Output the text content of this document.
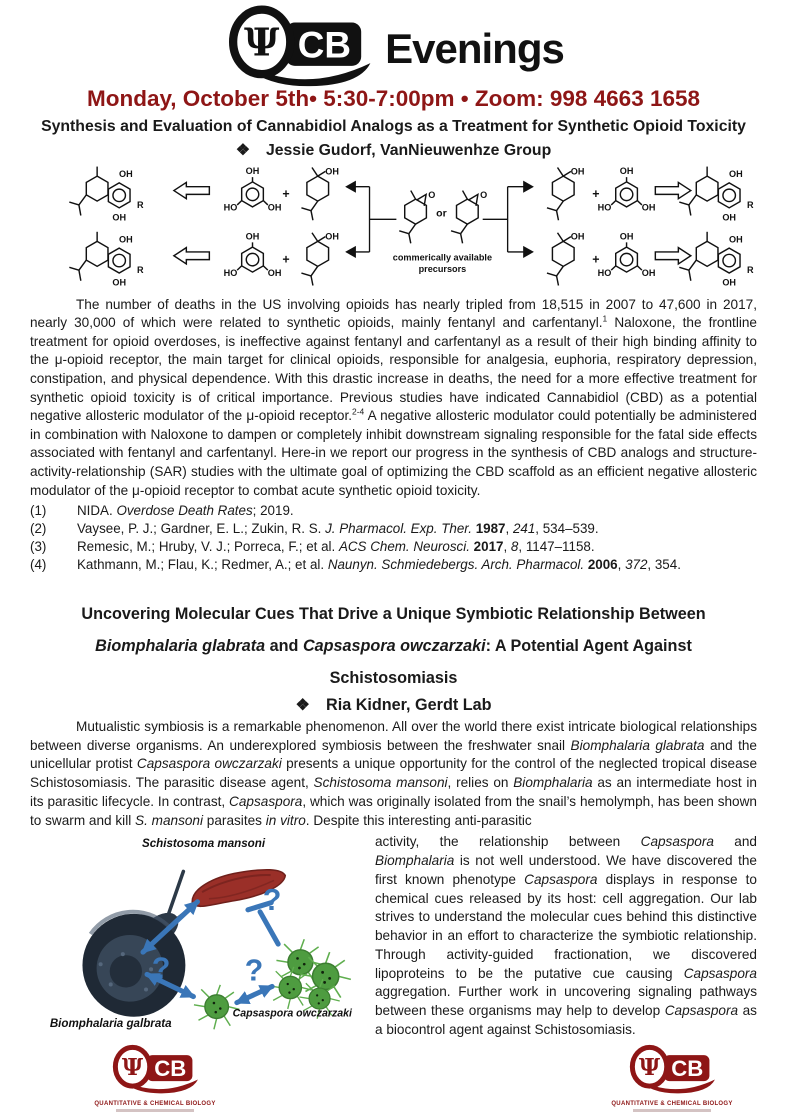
Evenings
Monday, October 5th• 5:30-7:00pm • Zoom: 998 4663 1658
Synthesis and Evaluation of Cannabidiol Analogs as a Treatment for Synthetic Opioid Toxicity
❖ Jessie Gudorf, VanNieuwenhze Group
OH
R
OH
+
+
or
commerically available
precursors
+
+

The number of deaths in the US involving opioids has nearly tripled from 18,515 in 2007 to 47,600 in 2017, nearly 30,000 of which were related to synthetic opioids, mainly fentanyl and carfentanyl.$^1$ Naloxone, the frontline treatment for opioid overdoses, is ineffective against fentanyl and carfentanyl as a result of their high binding affinity to the μ-opioid receptor, the main target for clinical opioids, responsible for analgesia, euphoria, respiratory depression, constipation, and physical dependence. With this drastic increase in deaths, the need for a more effective treatment for synthetic opioid toxicity is of critical importance. Previous studies have indicated Cannabidiol (CBD) as a potential negative allosteric modulator of the μ-opioid receptor.$^{2-4}$ A negative allosteric modulator could potentially be administered in combination with Naloxone to dampen or completely inhibit downstream signaling responsible for the fatal side effects associated with fentanyl and carfentanyl. Here-in we report our progress in the synthesis of CBD analogs and structure-activity-relationship (SAR) studies with the ultimate goal of optimizing the CBD scaffold as an efficient negative allosteric modulator of the μ-opioid receptor to combat acute synthetic opioid toxicity.

(1)	NIDA. Overdose Death Rates; 2019.
(2)	Vaysee, P. J.; Gardner, E. L.; Zukin, R. S. J. Pharmacol. Exp. Ther. 1987, 241, 534–539.
(3)	Remesic, M.; Hruby, V. J.; Porreca, F.; et al. ACS Chem. Neurosci. 2017, 8, 1147–1158.
(4)	Kathmann, M.; Flau, K.; Redmer, A.; et al. Naunyn. Schmiedebergs. Arch. Pharmacol. 2006, 372, 354.
Uncovering Molecular Cues That Drive a Unique Symbiotic Relationship Between Biomphalaria glabrata and Capsaspora owczarzaki: A Potential Agent Against Schistosomiasis
❖ Ria Kidner, Gerdt Lab

Mutualistic symbiosis is a remarkable phenomenon. All over the world there exist intricate biological relationships between diverse organisms. An underexplored symbiosis between the freshwater snail Biomphalaria glabrata and the unicellular protist Capsaspora owczarzaki presents a unique opportunity for the control of the neglected tropical disease Schistosomiasis. The parasitic disease agent, Schistosoma mansoni, relies on Biomphalaria as an intermediate host in its parasitic lifecycle. In contrast, Capsaspora, which was originally isolated from the snail’s hemolymph, has been shown to swarm and kill S. mansoni parasites in vitro. Despite this interesting anti-parasitic

?
? ?
Schistosoma mansoni
Biomphalaria galbrata
Capsaspora owczarzaki
activity, the relationship between Capsaspora and Biomphalaria is not well understood. We have discovered the first known phenotype Capsaspora displays in response to chemical cues released by its host: cell aggregation. Our lab strives to understand the molecular cues behind this distinctive behavior in an effort to characterize the symbiotic relationship. Through activity-guided fractionation, we discovered lipoproteins to be the putative cue causing Capsaspora aggregation. Further work in uncovering signaling pathways between these organisms may help to develop Capsaspora as a biocontrol agent against Schistosomiasis.
QUANTITATIVE & CHEMICAL BIOLOGY	QUANTITATIVE & CHEMICAL BIOLOGY
